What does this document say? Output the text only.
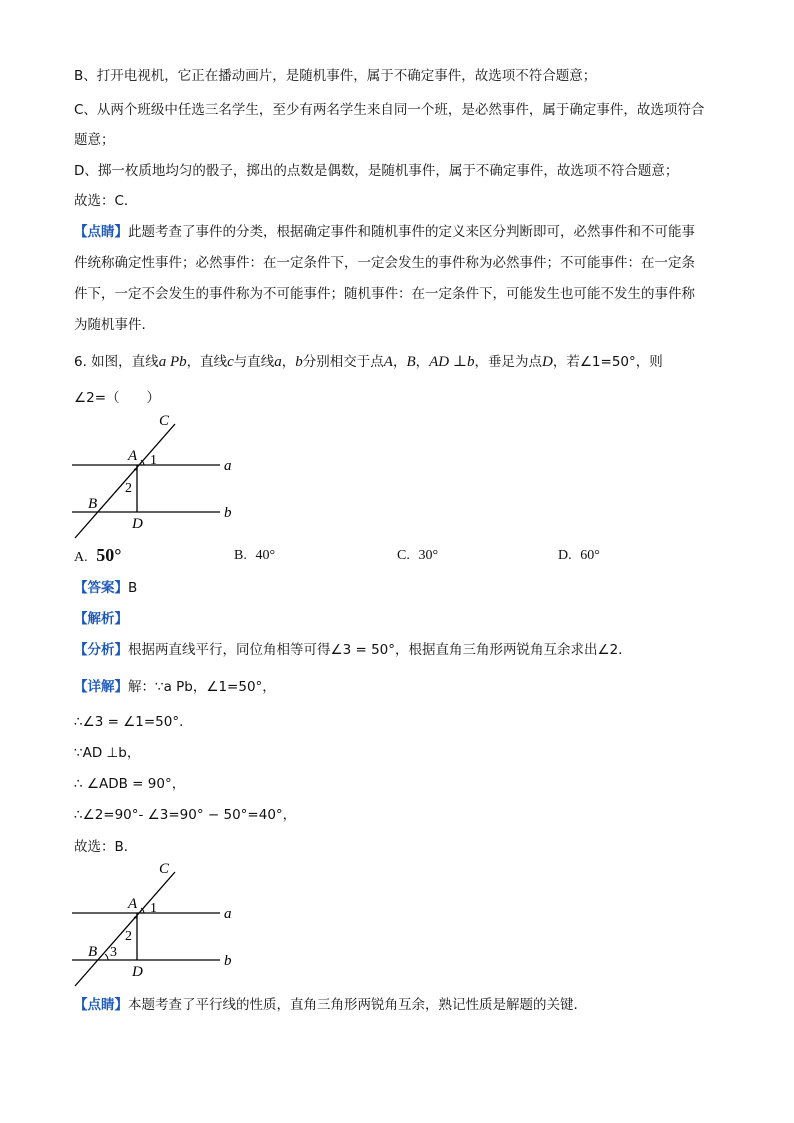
B、打开电视机，它正在播动画片，是随机事件，属于不确定事件，故选项不符合题意；
C、从两个班级中任选三名学生，至少有两名学生来自同一个班，是必然事件，属于确定事件，故选项符合
题意；
D、掷一枚质地均匀的骰子，掷出的点数是偶数，是随机事件，属于不确定事件，故选项不符合题意；
故选：C．
【点睛】此题考查了事件的分类，根据确定事件和随机事件的定义来区分判断即可，必然事件和不可能事
件统称确定性事件；必然事件：在一定条件下，一定会发生的事件称为必然事件；不可能事件：在一定条
件下，一定不会发生的事件称为不可能事件；随机事件：在一定条件下，可能发生也可能不发生的事件称
为随机事件．
6. 如图，直线a Pb，直线c与直线a，b分别相交于点A，B，AD ⊥b，垂足为点D，若∠1=50°，则
∠2=（　　）
C
A 1	a
2
B
D
b
A. 50°	B. 40°	C. 30°	D. 60°
【答案】B
【解析】
【分析】根据两直线平行，同位角相等可得∠3 = 50°，根据直角三角形两锐角互余求出∠2．
【详解】解：∵a Pb，∠1=50°，
∴∠3 = ∠1=50°．
∵AD ⊥b，
∴ ∠ADB = 90°，
∴∠2=90°- ∠3=90° − 50°=40°，
故选：B．
C
A 1	a
2
B 3
D
b
【点睛】本题考查了平行线的性质，直角三角形两锐角互余，熟记性质是解题的关键．
